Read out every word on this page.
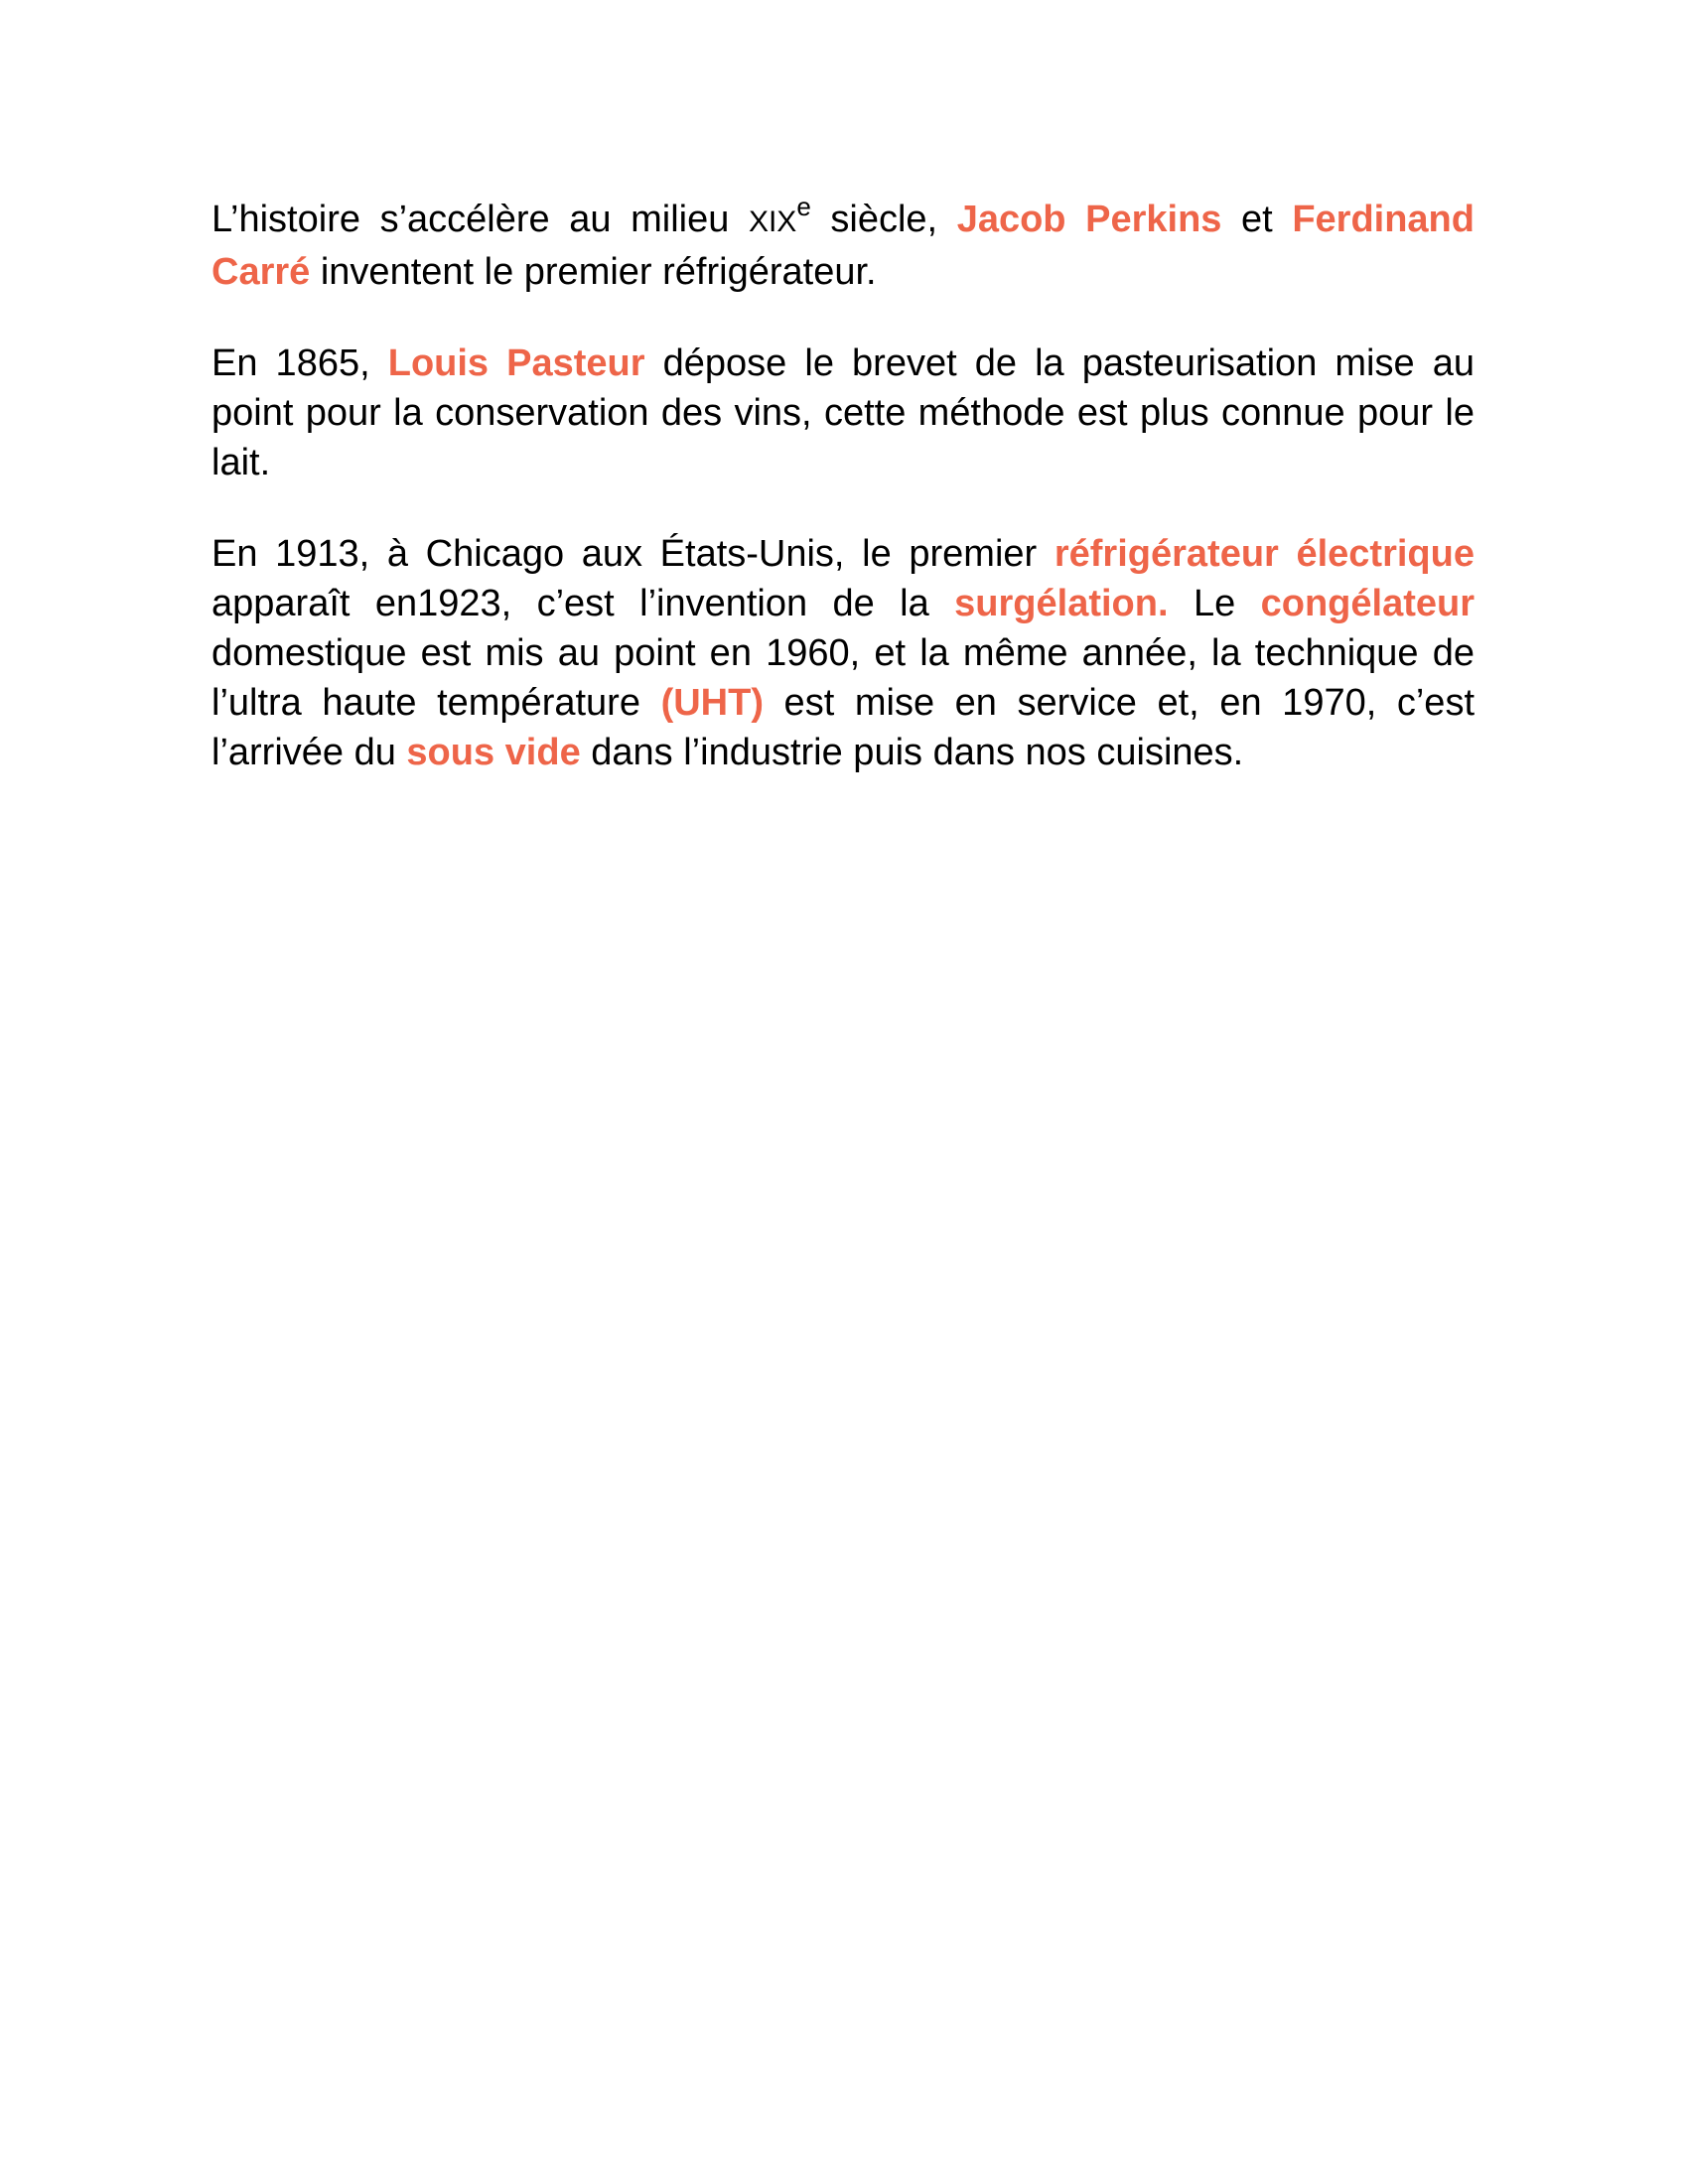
L’histoire s’accélère au milieu XIXe siècle, Jacob Perkins et Ferdinand Carré inventent le premier réfrigérateur.

En 1865, Louis Pasteur dépose le brevet de la pasteurisation mise au point pour la conservation des vins, cette méthode est plus connue pour le lait.

En 1913, à Chicago aux États-Unis, le premier réfrigérateur électrique apparaît en1923, c’est l’invention de la surgélation. Le congélateur domestique est mis au point en 1960, et la même année, la technique de l’ultra haute température (UHT) est mise en service et, en 1970, c’est l’arrivée du sous vide dans l’industrie puis dans nos cuisines.
